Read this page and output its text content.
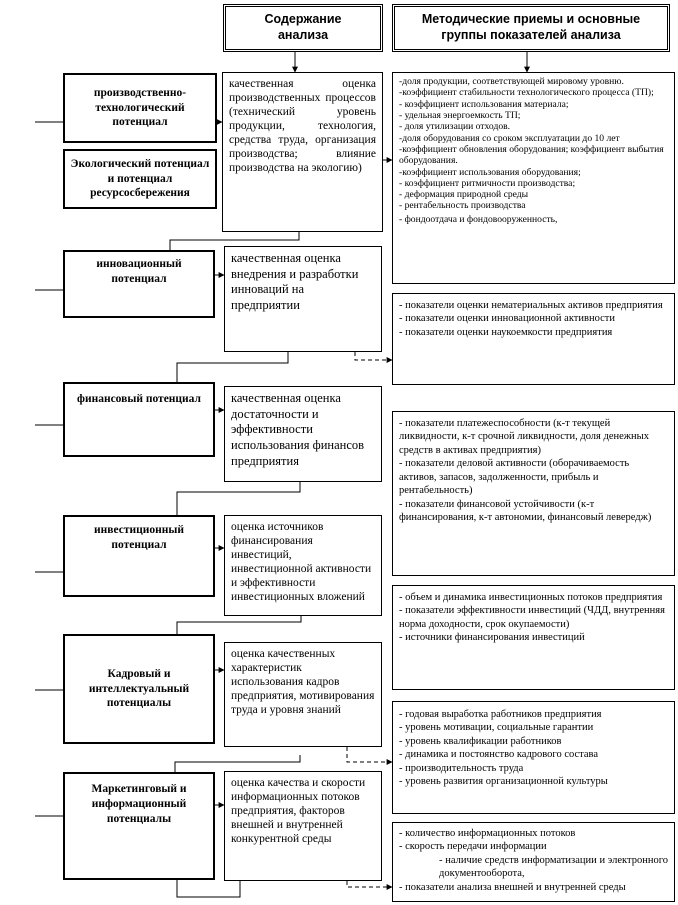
Содержание анализа
Методические приемы и основные группы показателей анализа
производственно-технологический потенциал
Экологический потенциал и потенциал ресурсосбережения
инновационный потенциал
финансовый потенциал
инвестиционный потенциал
Кадровый и интеллектуальный потенциалы
Маркетинговый и информационный потенциалы
качественная оценка производственных процессов (технический уровень продукции, технология, средства труда, организация производства; влияние производства на экологию)
качественная оценка внедрения и разработки инноваций на предприятии
качественная оценка достаточности и эффективности использования финансов предприятия
оценка источников финансирования инвестиций, инвестиционной активности и эффективности инвестиционных вложений
оценка качественных характеристик использования кадров предприятия, мотивирования труда и уровня знаний
оценка качества и скорости информационных потоков предприятия, факторов внешней и внутренней конкурентной среды
-доля продукции, соответствующей мировому уровню.
-коэффициент стабильности технологического процесса (ТП);
- коэффициент использования материала;
- удельная энергоемкость ТП;
- доля утилизации отходов.
-доля оборудования со сроком эксплуатации до 10 лет
-коэффициент обновления оборудования; коэффициент выбытия оборудования.
-коэффициент использования оборудования;
- коэффициент ритмичности производства;
- деформация природной среды
- рентабельность производства
- фондоотдача и фондовооруженность,
- показатели оценки нематериальных активов предприятия
- показатели оценки инновационной активности
- показатели оценки наукоемкости предприятия
- показатели платежеспособности (к-т текущей ликвидности, к-т срочной ликвидности, доля денежных средств в активах предприятия)
- показатели деловой активности (оборачиваемость активов, запасов, задолженности, прибыль и рентабельность)
- показатели финансовой устойчивости (к-т финансирования, к-т автономии, финансовый левередж)
- объем и динамика инвестиционных потоков предприятия
- показатели эффективности инвестиций (ЧДД, внутренняя норма доходности, срок окупаемости)
- источники финансирования инвестиций
- годовая выработка работников предприятия
- уровень мотивации, социальные гарантии
- уровень квалификации работников
- динамика и постоянство кадрового состава
- производительность труда
- уровень развития организационной культуры
- количество информационных потоков
- скорость передачи информации
- наличие средств информатизации и электронного документооборота,
- показатели анализа внешней и внутренней среды
